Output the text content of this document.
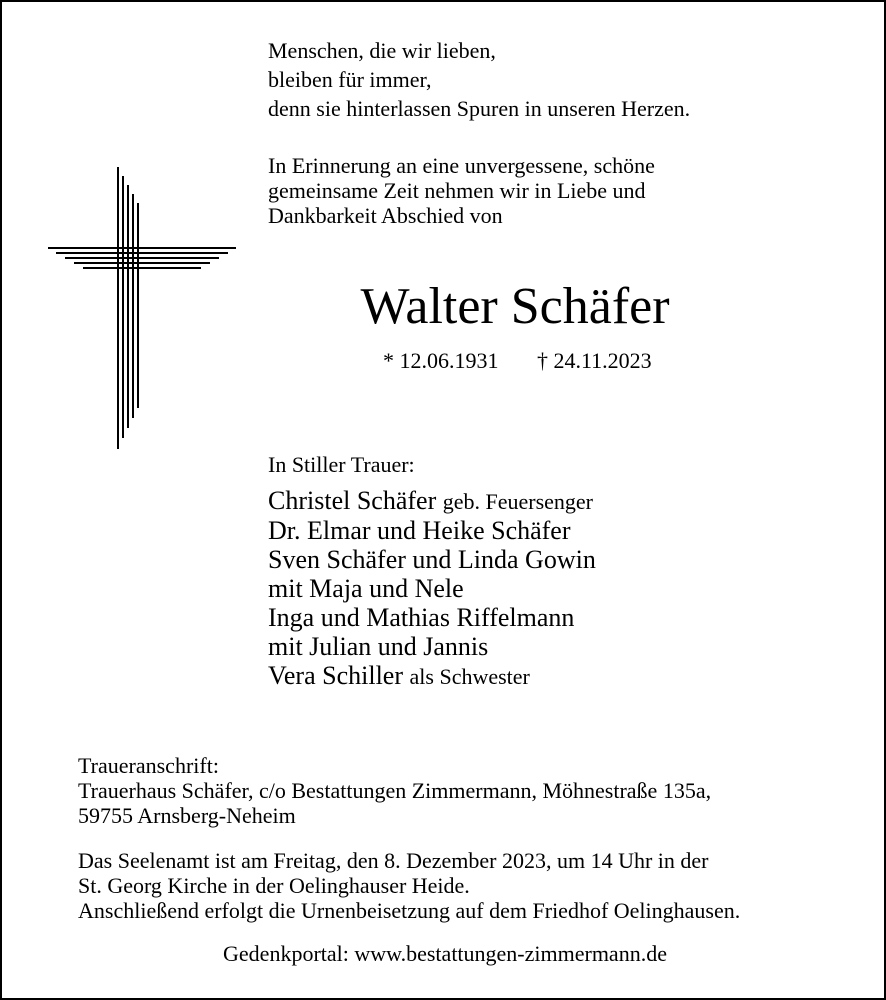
Menschen, die wir lieben,
bleiben für immer,
denn sie hinterlassen Spuren in unseren Herzen.
In Erinnerung an eine unvergessene, schöne
gemeinsame Zeit nehmen wir in Liebe und
Dankbarkeit Abschied von
Walter Schäfer
* 12.06.1931 † 24.11.2023
In Stiller Trauer:
Christel Schäfer geb. Feuersenger
Dr. Elmar und Heike Schäfer
Sven Schäfer und Linda Gowin
mit Maja und Nele
Inga und Mathias Riffelmann
mit Julian und Jannis
Vera Schiller als Schwester
Traueranschrift:
Trauerhaus Schäfer, c/o Bestattungen Zimmermann, Möhnestraße 135a,
59755 Arnsberg-Neheim
Das Seelenamt ist am Freitag, den 8. Dezember 2023, um 14 Uhr in der
St. Georg Kirche in der Oelinghauser Heide.
Anschließend erfolgt die Urnenbeisetzung auf dem Friedhof Oelinghausen.
Gedenkportal: www.bestattungen-zimmermann.de
